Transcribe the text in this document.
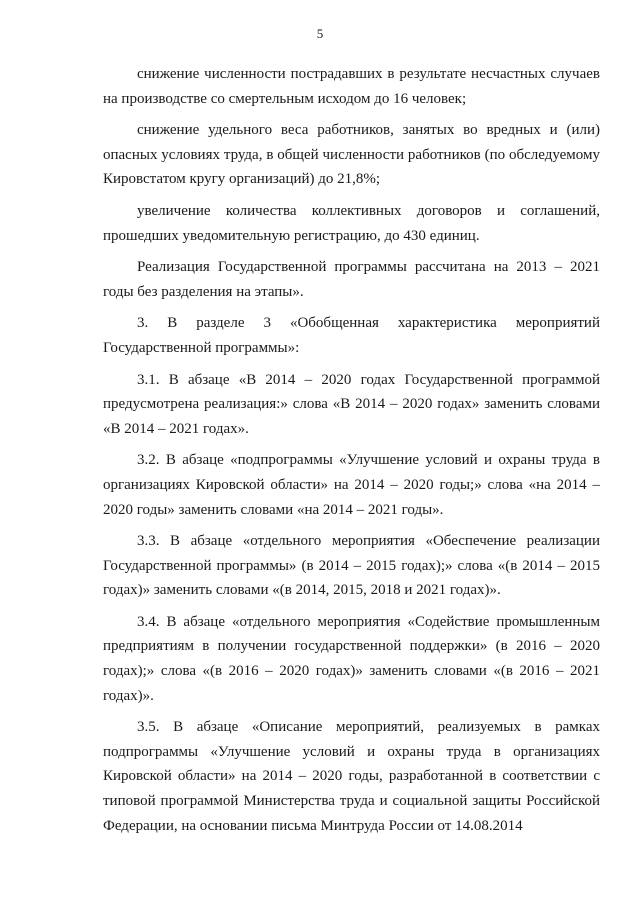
5

снижение численности пострадавших в результате несчастных случаев на производстве со смертельным исходом до 16 человек;

снижение удельного веса работников, занятых во вредных и (или) опасных условиях труда, в общей численности работников (по обследуемому Кировстатом кругу организаций) до 21,8%;

увеличение количества коллективных договоров и соглашений, прошедших уведомительную регистрацию, до 430 единиц.

Реализация Государственной программы рассчитана на 2013 – 2021 годы без разделения на этапы».

3. В разделе 3 «Обобщенная характеристика мероприятий Государственной программы»:

3.1. В абзаце «В 2014 – 2020 годах Государственной программой предусмотрена реализация:» слова «В 2014 – 2020 годах» заменить словами «В 2014 – 2021 годах».

3.2. В абзаце «подпрограммы «Улучшение условий и охраны труда в организациях Кировской области» на 2014 – 2020 годы;» слова «на 2014 – 2020 годы» заменить словами «на 2014 – 2021 годы».

3.3. В абзаце «отдельного мероприятия «Обеспечение реализации Государственной программы» (в 2014 – 2015 годах);» слова «(в 2014 – 2015 годах)» заменить словами «(в 2014, 2015, 2018 и 2021 годах)».

3.4. В абзаце «отдельного мероприятия «Содействие промышленным предприятиям в получении государственной поддержки» (в 2016 – 2020 годах);» слова «(в 2016 – 2020 годах)» заменить словами «(в 2016 – 2021 годах)».

3.5. В абзаце «Описание мероприятий, реализуемых в рамках подпрограммы «Улучшение условий и охраны труда в организациях Кировской области» на 2014 – 2020 годы, разработанной в соответствии с типовой программой Министерства труда и социальной защиты Российской Федерации, на основании письма Минтруда России от 14.08.2014
